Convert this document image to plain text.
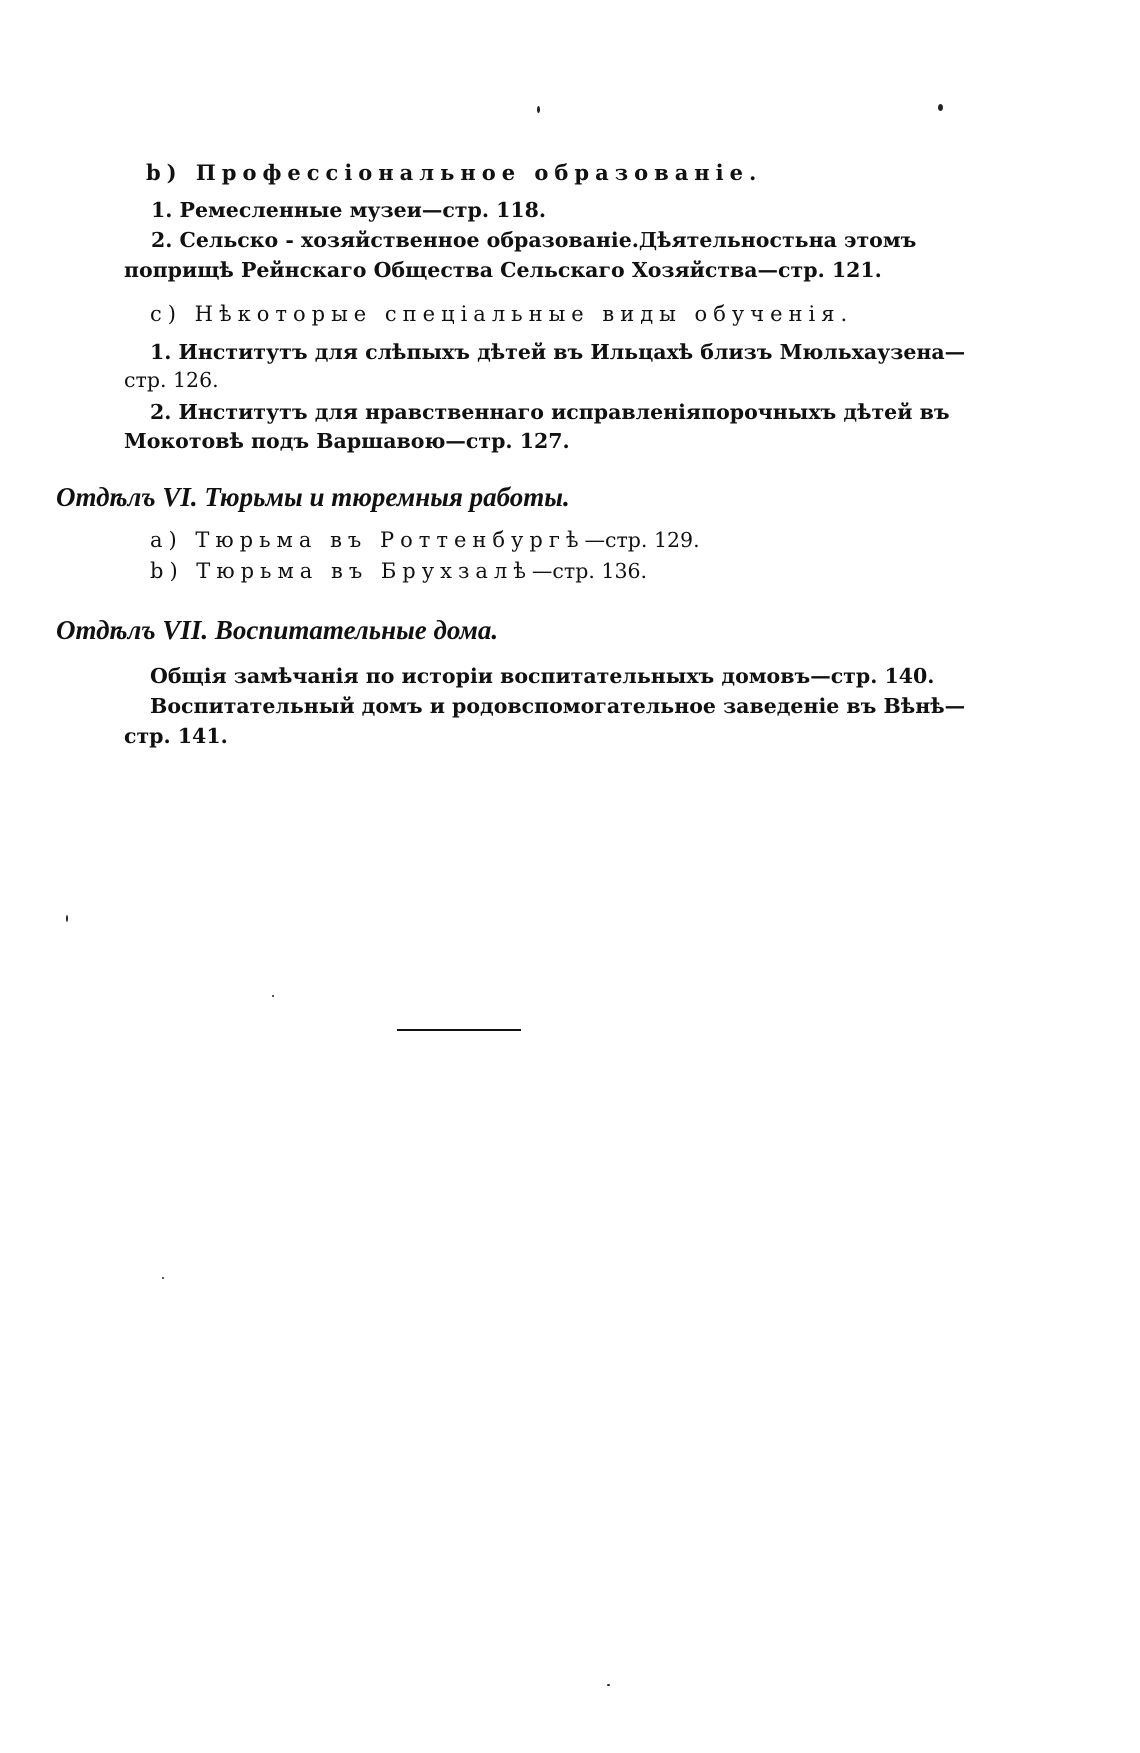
b) Профессіональное образованіе.
1. Ремесленные музеи—стр. 118.
2. Сельско - хозяйственное образованіе. Дѣятельность на этомъ
поприщѣ Рейнскаго Общества Сельскаго Хозяйства—стр. 121.
c) Нѣкоторые спеціальные виды обученія.
1. Институтъ для слѣпыхъ дѣтей въ Ильцахѣ близъ Мюльхаузена—
стр. 126.
2. Институтъ для нравственнаго исправленія порочныхъ дѣтей въ
Мокотовѣ подъ Варшавою—стр. 127.
Отдѣлъ VI. Тюрьмы и тюремныя работы.
а) Тюрьма въ Роттенбургѣ—стр. 129.
b) Тюрьма въ Брухзалѣ—стр. 136.
Отдѣлъ VII. Воспитательные дома.
Общія замѣчанія по исторіи воспитательныхъ домовъ—стр. 140.
Воспитательный домъ и родовспомогательное заведеніе въ Вѣнѣ—
стр. 141.
